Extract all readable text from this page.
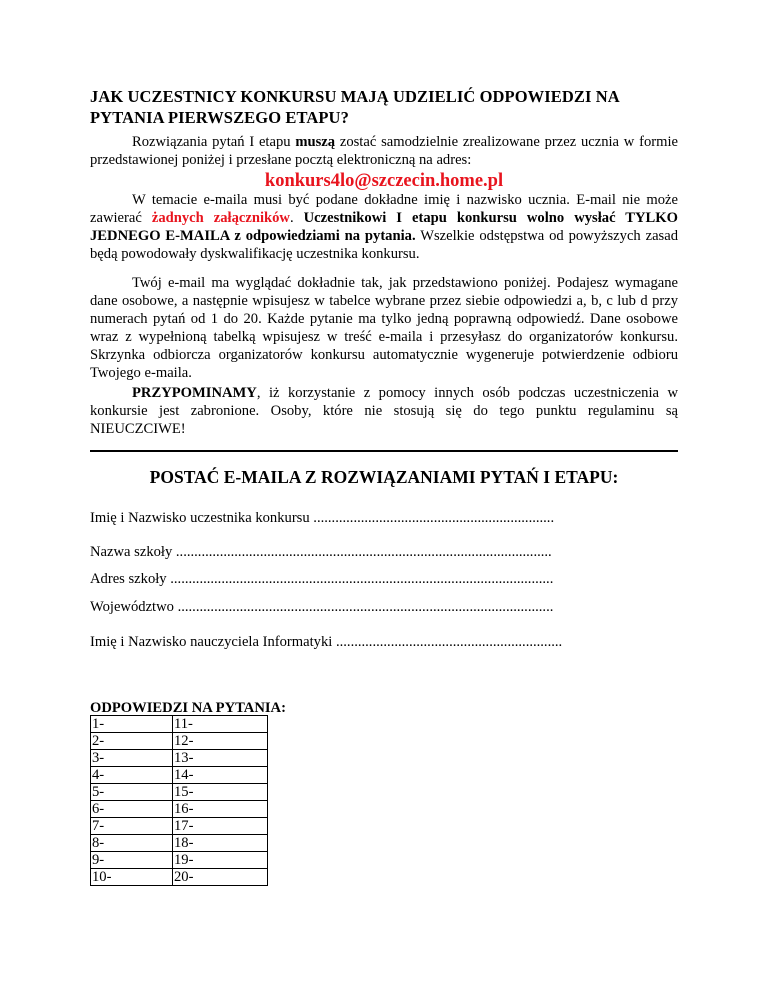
JAK UCZESTNICY KONKURSU MAJĄ UDZIELIĆ ODPOWIEDZI NA PYTANIA PIERWSZEGO ETAPU?

Rozwiązania pytań I etapu muszą zostać samodzielnie zrealizowane przez ucznia w formie przedstawionej poniżej i przesłane pocztą elektroniczną na adres:

konkurs4lo@szczecin.home.pl

W temacie e-maila musi być podane dokładne imię i nazwisko ucznia. E-mail nie może zawierać żadnych załączników. Uczestnikowi I etapu konkursu wolno wysłać TYLKO JEDNEGO E-MAILA z odpowiedziami na pytania. Wszelkie odstępstwa od powyższych zasad będą powodowały dyskwalifikację uczestnika konkursu.

Twój e-mail ma wyglądać dokładnie tak, jak przedstawiono poniżej. Podajesz wymagane dane osobowe, a następnie wpisujesz w tabelce wybrane przez siebie odpowiedzi a, b, c lub d przy numerach pytań od 1 do 20. Każde pytanie ma tylko jedną poprawną odpowiedź. Dane osobowe wraz z wypełnioną tabelką wpisujesz w treść e-maila i przesyłasz do organizatorów konkursu. Skrzynka odbiorcza organizatorów konkursu automatycznie wygeneruje potwierdzenie odbioru Twojego e-maila.

PRZYPOMINAMY, iż korzystanie z pomocy innych osób podczas uczestniczenia w konkursie jest zabronione. Osoby, które nie stosują się do tego punktu regulaminu są NIEUCZCIWE!

POSTAĆ E-MAILA Z ROZWIĄZANIAMI PYTAŃ I ETAPU:
Imię i Nazwisko uczestnika konkursu ..................................................................
Nazwa szkoły .......................................................................................................
Adres szkoły .........................................................................................................
Województwo .......................................................................................................
Imię i Nazwisko nauczyciela Informatyki ..............................................................
ODPOWIEDZI NA PYTANIA:
1-	11-
2-	12-
3-	13-
4-	14-
5-	15-
6-	16-
7-	17-
8-	18-
9-	19-
10-	20-
